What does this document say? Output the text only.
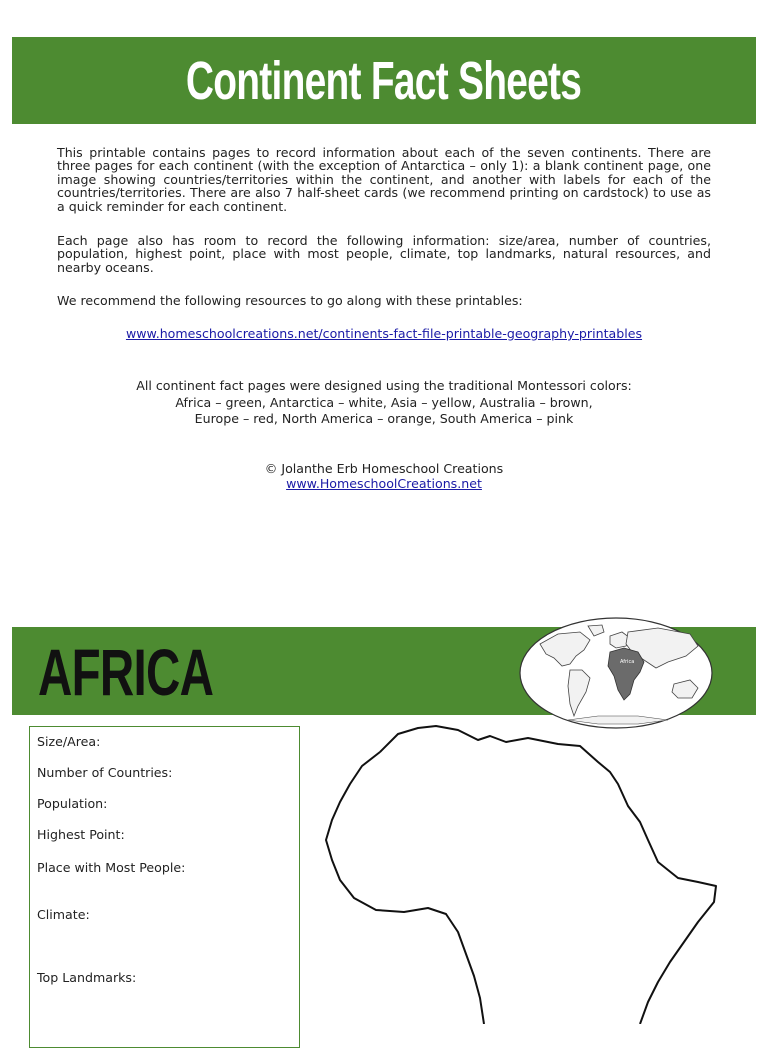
Continent Fact Sheets

This printable contains pages to record information about each of the seven continents. There are three pages for each continent (with the exception of Antarctica – only 1): a blank continent page, one image showing countries/territories within the continent, and another with labels for each of the countries/territories. There are also 7 half-sheet cards (we recommend printing on cardstock) to use as a quick reminder for each continent.

Each page also has room to record the following information: size/area, number of countries, population, highest point, place with most people, climate, top landmarks, natural resources, and nearby oceans.

We recommend the following resources to go along with these printables:

www.homeschoolcreations.net/continents-fact-file-printable-geography-printables
All continent fact pages were designed using the traditional Montessori colors:
Africa – green, Antarctica – white, Asia – yellow, Australia – brown,
Europe – red, North America – orange, South America – pink
© Jolanthe Erb Homeschool Creations
www.HomeschoolCreations.net
AFRICA	Africa
Size/Area:
Number of Countries:
Population:
Highest Point:
Place with Most People:
Climate:
Top Landmarks:
